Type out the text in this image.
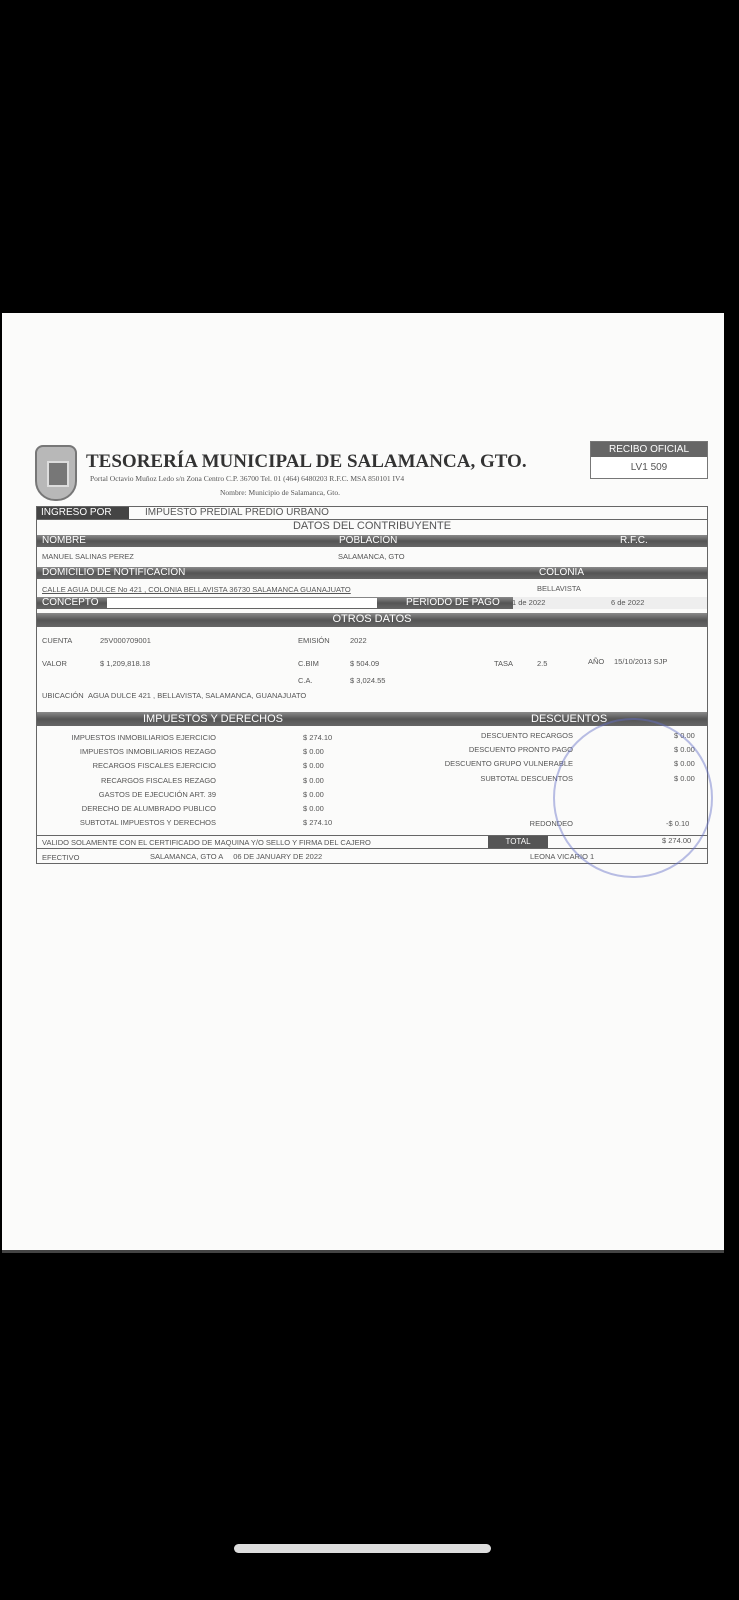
TESORERÍA MUNICIPAL DE SALAMANCA, GTO.
Portal Octavio Muñoz Ledo s/n Zona Centro C.P. 36700 Tel. 01 (464) 6480203 R.F.C. MSA 850101 IV4
Nombre: Municipio de Salamanca, Gto.
RECIBO OFICIAL
LV1 509
INGRESO POR	IMPUESTO PREDIAL PREDIO URBANO
DATOS DEL CONTRIBUYENTE
NOMBRE	POBLACIÓN	R.F.C.
MANUEL SALINAS PEREZ	SALAMANCA, GTO
DOMICILIO DE NOTIFICACIÓN	COLONIA
CALLE AGUA DULCE No 421 , COLONIA BELLAVISTA 36730 SALAMANCA GUANAJUATO	BELLAVISTA
CONCEPTO	PERIODO DE PAGO 1 de 2022	6 de 2022
OTROS DATOS
CUENTA	25V000709001	EMISIÓN	2022
VALOR	$ 1,209,818.18	C.BIM	$ 504.09	TASA	2.5	AÑO 15/10/2013 SJP
C.A.	$ 3,024.55
UBICACIÓN AGUA DULCE 421 , BELLAVISTA, SALAMANCA, GUANAJUATO
IMPUESTOS Y DERECHOS	DESCUENTOS
IMPUESTOS INMOBILIARIOS EJERCICIO	$ 274.10
IMPUESTOS INMOBILIARIOS REZAGO	$ 0.00
RECARGOS FISCALES EJERCICIO	$ 0.00
RECARGOS FISCALES REZAGO	$ 0.00
GASTOS DE EJECUCIÓN ART. 39	$ 0.00
DERECHO DE ALUMBRADO PUBLICO	$ 0.00
SUBTOTAL IMPUESTOS Y DERECHOS	$ 274.10
DESCUENTO RECARGOS	$ 0.00
DESCUENTO PRONTO PAGO	$ 0.00
DESCUENTO GRUPO VULNERABLE	$ 0.00
SUBTOTAL DESCUENTOS	$ 0.00
REDONDEO	-$ 0.10
VALIDO SOLAMENTE CON EL CERTIFICADO DE MAQUINA Y/O SELLO Y FIRMA DEL CAJERO	TOTAL	$ 274.00
EFECTIVO	SALAMANCA, GTO A     06 DE JANUARY DE 2022	LEONA VICARIO 1
